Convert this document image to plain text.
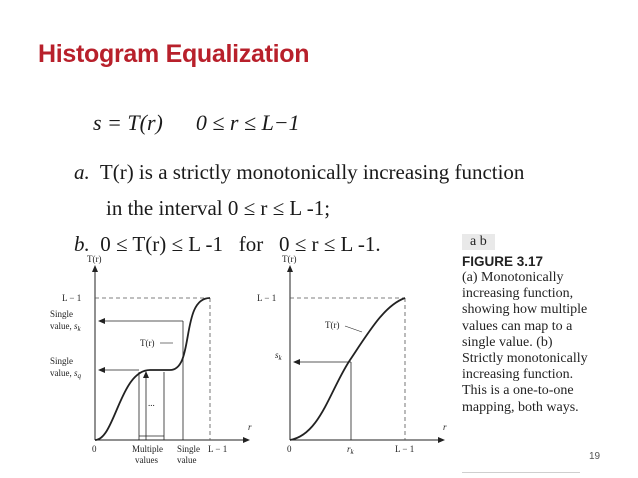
Histogram Equalization
s = T(r)      0 ≤ r ≤ L−1
a. T(r) is a strictly monotonically increasing function
in the interval 0 ≤ r ≤ L -1;
b. 0 ≤ T(r) ≤ L -1   for   0 ≤ r ≤ L -1.
T(r)
r
L − 1
Single
value, $s_k$
Single
value, $s_q$
T(r)
...
0	Multiple
values
Single
value
L − 1
T(r)
r
L − 1
$s_k$
T(r)
0	$r_k$	L − 1
a b
FIGURE 3.17
(a) Monotonically increasing function, showing how multiple values can map to a single value. (b) Strictly monotonically increasing function. This is a one-to-one mapping, both ways.
19
